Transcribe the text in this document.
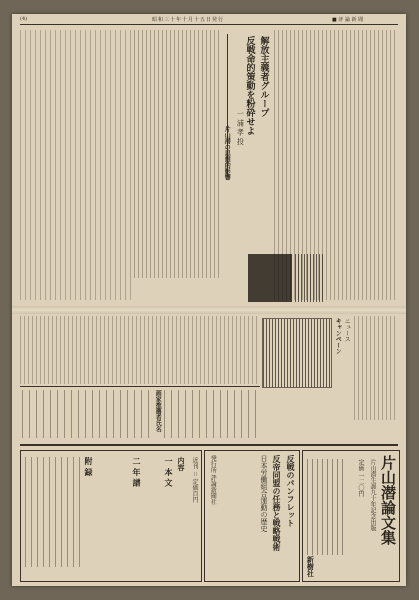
(4)	昭和三十年十月十五日発行	■ 評 論 新 聞
解放主義者グループ
反戦命的策動を粉砕せよ
一 浦 孝 投
片山潜の思想的影響
キャンペーン ニュース
画家推薦者氏名
片山潜論文集
片山潜生誕九十年記念出版
定価 一二〇円
新樹社
反戦のパンフレット
反帝同盟の任務と戦略戦術
日本労働組合運動の歴史
発行所 評論新聞社
近刊 ＝ 定価百円
内容
一 本 文
二 年 譜
附 録
